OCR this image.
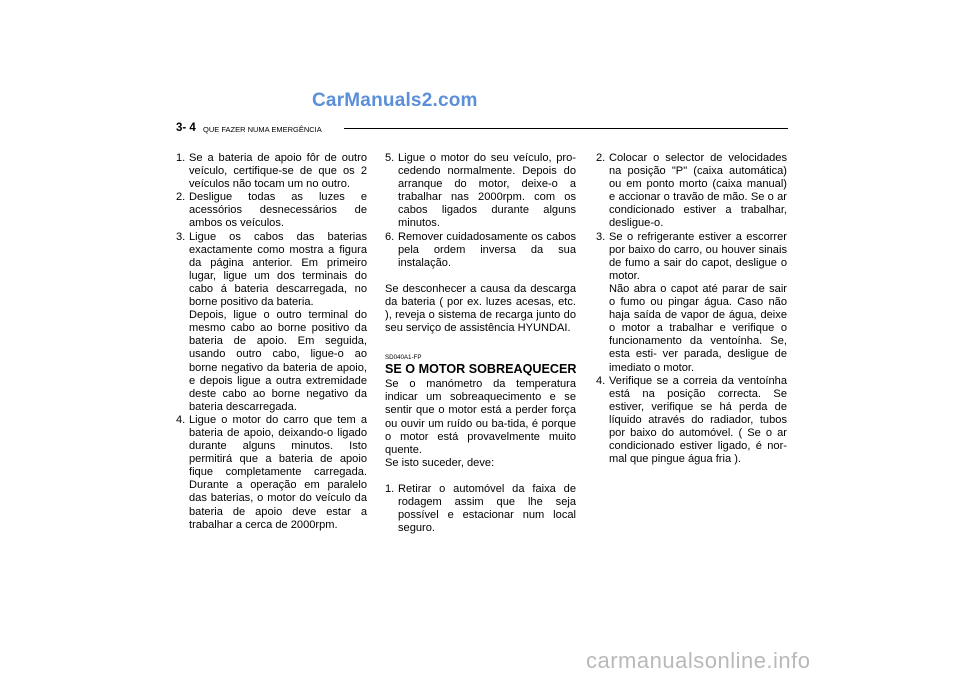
CarManuals2.com
3- 4 QUE FAZER NUMA EMERGÊNCIA
1. Se a bateria de apoio fôr de outro veículo, certifique-se de que os 2 veículos não tocam um no outro.
2. Desligue todas as luzes e acessórios desnecessários de ambos os veículos.
3. Ligue os cabos das baterias exactamente como mostra a figura da página anterior. Em primeiro lugar, ligue um dos terminais do cabo á bateria descarregada, no borne positivo da bateria.

Depois, ligue o outro terminal do mesmo cabo ao borne positivo da bateria de apoio. Em seguida, usando outro cabo, ligue-o ao borne negativo da bateria de apoio, e depois ligue a outra extremidade deste cabo ao borne negativo da bateria descarregada.

4. Ligue o motor do carro que tem a bateria de apoio, deixando-o ligado durante alguns minutos. Isto permitirá que a bateria de apoio fique completamente carregada. Durante a operação em paralelo das baterias, o motor do veículo da bateria de apoio deve estar a trabalhar a cerca de 2000rpm.
5. Ligue o motor do seu veículo, pro-cedendo normalmente. Depois do arranque do motor, deixe-o a trabalhar nas 2000rpm. com os cabos ligados durante alguns minutos.
6. Remover cuidadosamente os cabos pela ordem inversa da sua instalação.

Se desconhecer a causa da descarga da bateria ( por ex. luzes acesas, etc. ), reveja o sistema de recarga junto do seu serviço de assistência HYUNDAI.

SD040A1-FP
SE O MOTOR SOBREAQUECER

Se o manómetro da temperatura indicar um sobreaquecimento e se sentir que o motor está a perder força ou ouvir um ruído ou ba-tida, é porque o motor está provavelmente muito quente.

Se isto suceder, deve:

1. Retirar o automóvel da faixa de rodagem assim que lhe seja possível e estacionar num local seguro.
2. Colocar o selector de velocidades na posição "P" (caixa automática) ou em ponto morto (caixa manual) e accionar o travão de mão. Se o ar condicionado estiver a trabalhar, desligue-o.
3. Se o refrigerante estiver a escorrer por baixo do carro, ou houver sinais de fumo a sair do capot, desligue o motor.

Não abra o capot até parar de sair o fumo ou pingar água. Caso não haja saída de vapor de água, deixe o motor a trabalhar e verifique o funcionamento da ventoínha. Se, esta esti- ver parada, desligue de imediato o motor.

4. Verifique se a correia da ventoínha está na posição correcta. Se estiver, verifique se há perda de líquido através do radiador, tubos por baixo do automóvel. ( Se o ar condicionado estiver ligado, é nor-mal que pingue água fria ).
carmanualsonline.info
